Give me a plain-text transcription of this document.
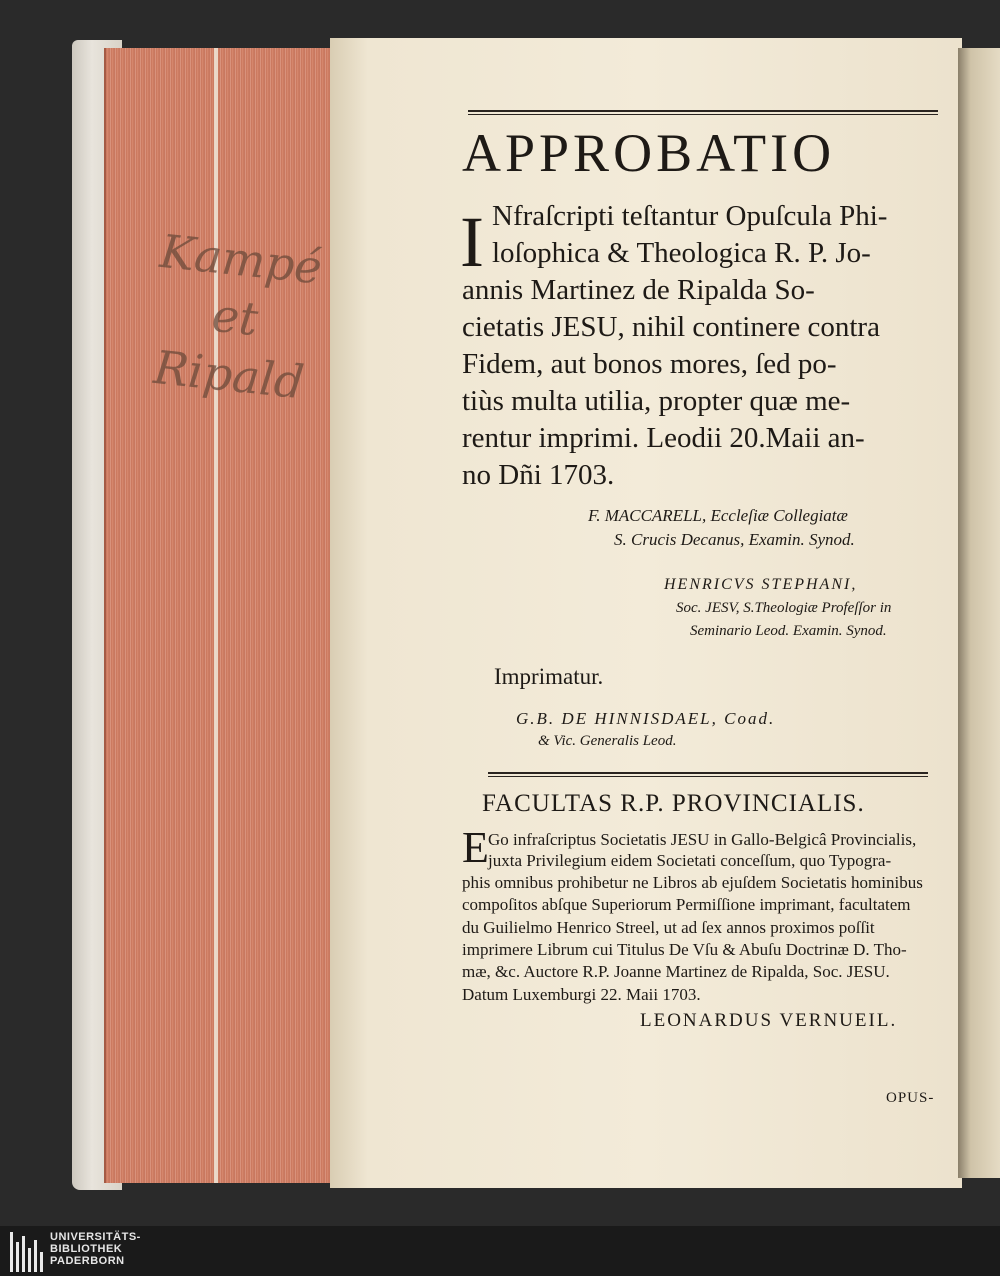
Kampé
et
Ripald
APPROBATIO
I Nfraſcripti teſtantur Opuſcula Phi-
loſophica & Theologica R. P. Jo-
annis Martinez de Ripalda So-
cietatis JESU, nihil continere contra
Fidem, aut bonos mores, ſed po-
tiùs multa utilia, propter quæ me-
rentur imprimi. Leodii 20.Maii an-
no Dñi 1703.
F. MACCARELL, Eccleſiæ Collegiatæ
S. Crucis Decanus, Examin. Synod.
HENRICVS STEPHANI,
Soc. JESV, S.Theologiæ Profeſſor in
Seminario Leod. Examin. Synod.
Imprimatur.
G.B. DE HINNISDAEL, Coad.
& Vic. Generalis Leod.
FACULTAS R.P. PROVINCIALIS.
E Go infraſcriptus Societatis JESU in Gallo-Belgicâ Provincialis,
juxta Privilegium eidem Societati conceſſum, quo Typogra-
phis omnibus prohibetur ne Libros ab ejuſdem Societatis hominibus
compoſitos abſque Superiorum Permiſſione imprimant, facultatem
du Guilielmo Henrico Streel, ut ad ſex annos proximos poſſit
imprimere Librum cui Titulus De Vſu & Abuſu Doctrinæ D. Tho-
mæ, &c. Auctore R.P. Joanne Martinez de Ripalda, Soc. JESU.
Datum Luxemburgi 22. Maii 1703.
LEONARDUS VERNUEIL.
OPUS-
UNIVERSITÄTS-
BIBLIOTHEK
PADERBORN
